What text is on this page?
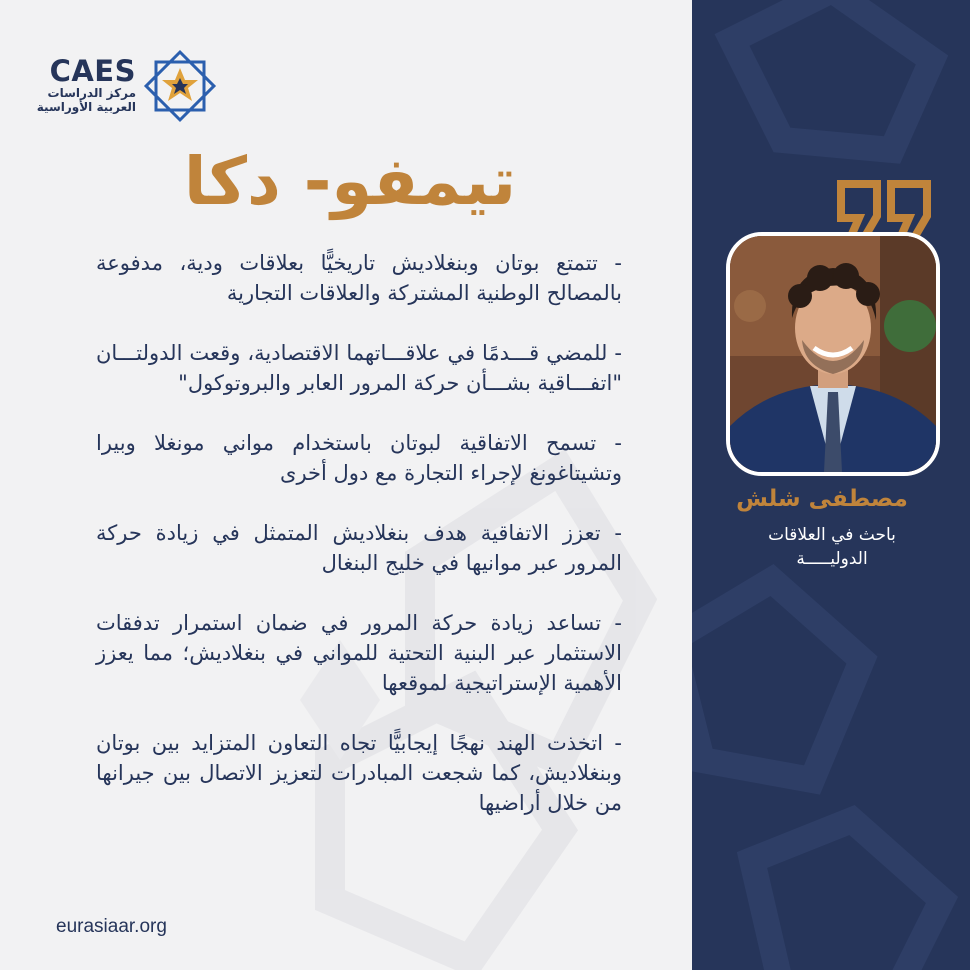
CAES
مركز الدراسات
العربية الأوراسية
تيمفو- دكا

- تتمتع بوتان وبنغلاديش تاريخيًّا بعلاقات ودية، مدفوعة بالمصالح الوطنية المشتركة والعلاقات التجارية

- للمضي قـــدمًا في علاقـــاتهما الاقتصادية، وقعت الدولتـــان "اتفـــاقية بشـــأن حركة المرور العابر والبروتوكول"

- تسمح الاتفاقية لبوتان باستخدام مواني مونغلا وبيرا وتشيتاغونغ لإجراء التجارة مع دول أخرى

- تعزز الاتفاقية هدف بنغلاديش المتمثل في زيادة حركة المرور عبر موانيها في خليج البنغال

- تساعد زيادة حركة المرور في ضمان استمرار تدفقات الاستثمار عبر البنية التحتية للمواني في بنغلاديش؛ مما يعزز الأهمية الإستراتيجية لموقعها

- اتخذت الهند نهجًا إيجابيًّا تجاه التعاون المتزايد بين بوتان وبنغلاديش، كما شجعت المبادرات لتعزيز الاتصال بين جيرانها من خلال أراضيها

eurasiaar.org
مصطفى شلش
باحث في العلاقات الدوليـــــة
